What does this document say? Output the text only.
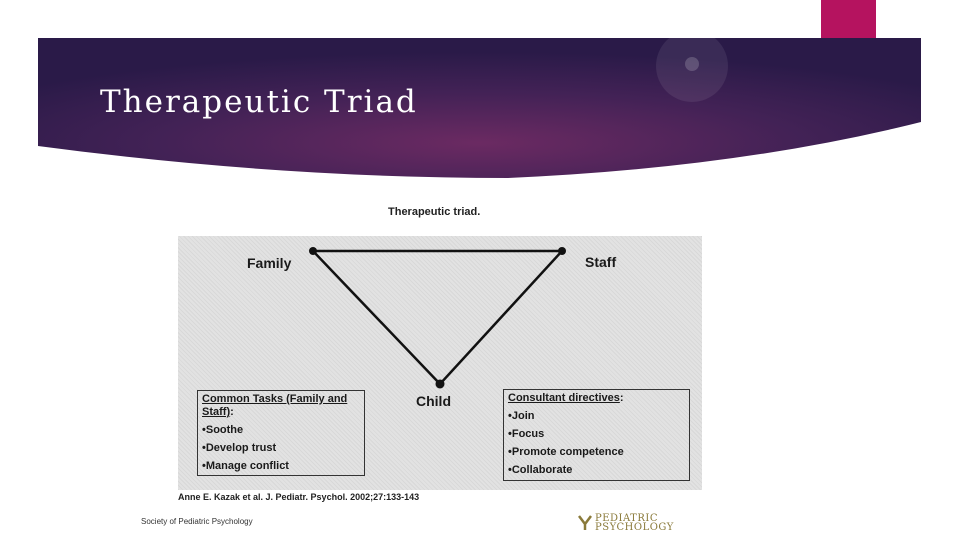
Therapeutic Triad
Therapeutic triad.
Family	Staff
Child
Common Tasks (Family and Staff):
•Soothe
•Develop trust
•Manage conflict
Consultant directives:
•Join
•Focus
•Promote competence
•Collaborate
Anne E. Kazak et al. J. Pediatr. Psychol. 2002;27:133-143
Society of Pediatric Psychology	PEDIATRIC
PSYCHOLOGY
